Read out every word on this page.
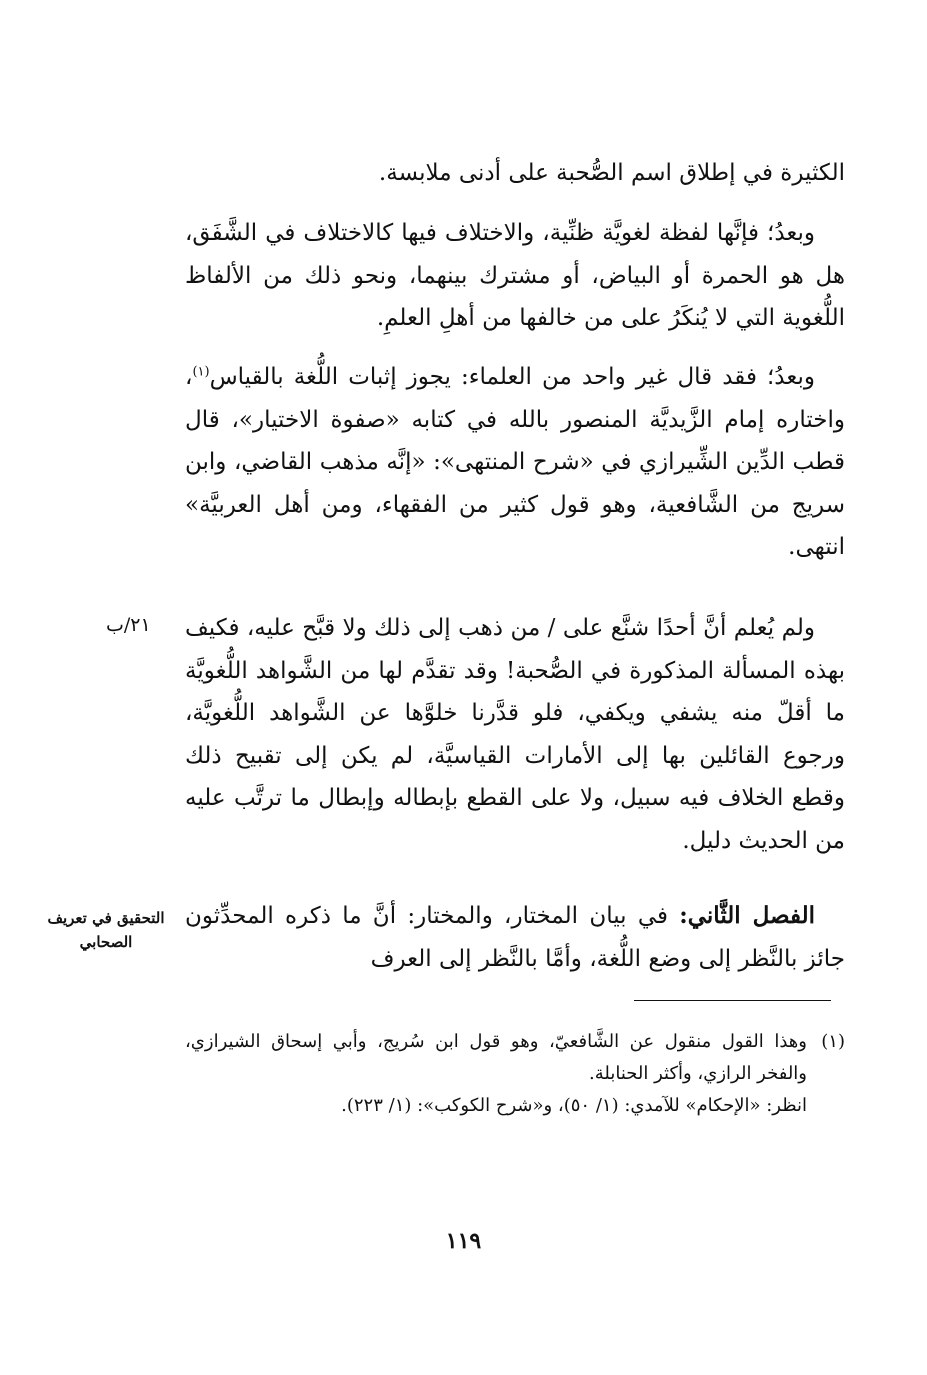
الكثيرة في إطلاق اسم الصُّحبة على أدنى ملابسة.

وبعدُ؛ فإنَّها لفظة لغويَّة ظنِّية، والاختلاف فيها كالاختلاف في الشَّفَق، هل هو الحمرة أو البياض، أو مشترك بينهما، ونحو ذلك من الألفاظ اللُّغوية التي لا يُنكَرُ على من خالفها من أهلِ العلمِ.

وبعدُ؛ فقد قال غير واحد من العلماء: يجوز إثبات اللُّغة بالقياس$^{(١)}$، واختاره إمام الزَّيديَّة المنصور بالله في كتابه «صفوة الاختيار»، قال قطب الدِّين الشِّيرازي في «شرح المنتهى»: «إنَّه مذهب القاضي، وابن سريج من الشَّافعية، وهو قول كثير من الفقهاء، ومن أهل العربيَّة» انتهى.

ولم يُعلم أنَّ أحدًا شنَّع على / من ذهب إلى ذلك ولا قبَّح عليه، فكيف بهذه المسألة المذكورة في الصُّحبة! وقد تقدَّم لها من الشَّواهد اللُّغويَّة ما أقلّ منه يشفي ويكفي، فلو قدَّرنا خلوَّها عن الشَّواهد اللُّغويَّة، ورجوع القائلين بها إلى الأمارات القياسيَّة، لم يكن إلى تقبيح ذلك وقطع الخلاف فيه سبيل، ولا على القطع بإبطاله وإبطال ما ترتَّب عليه من الحديث دليل.

الفصل الثَّاني: في بيان المختار، والمختار: أنَّ ما ذكره المحدِّثون جائز بالنَّظر إلى وضع اللُّغة، وأمَّا بالنَّظر إلى العرف

٢١/ب
التحقيق في تعريف
الصحابي
(١)
وهذا القول منقول عن الشَّافعيّ، وهو قول ابن سُريج، وأبي إسحاق الشيرازي، والفخر الرازي، وأكثر الحنابلة.
انظر: «الإحكام» للآمدي: (١/ ٥٠)، و«شرح الكوكب»: (١/ ٢٢٣).
١١٩
